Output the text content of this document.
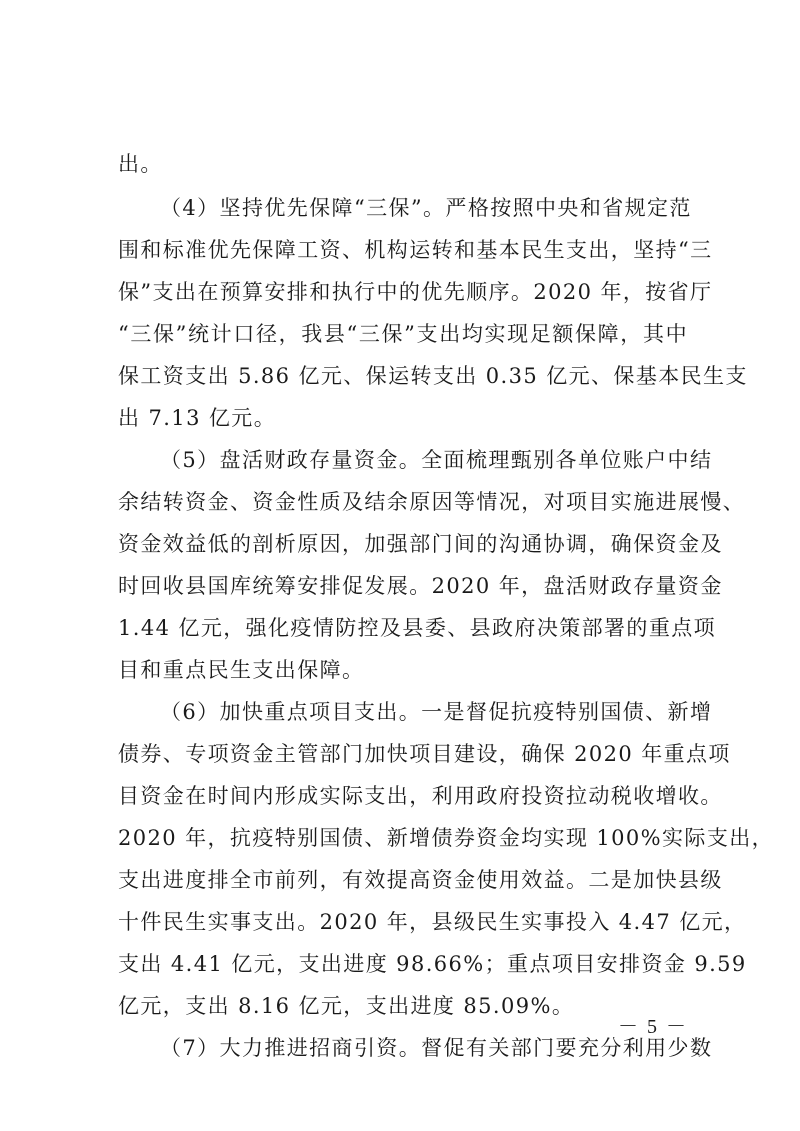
出。
（4）坚持优先保障“三保”。严格按照中央和省规定范
围和标准优先保障工资、机构运转和基本民生支出，坚持“三
保”支出在预算安排和执行中的优先顺序。2020 年，按省厅
“三保”统计口径，我县“三保”支出均实现足额保障，其中
保工资支出 5.86 亿元、保运转支出 0.35 亿元、保基本民生支
出 7.13 亿元。
（5）盘活财政存量资金。全面梳理甄别各单位账户中结
余结转资金、资金性质及结余原因等情况，对项目实施进展慢、
资金效益低的剖析原因，加强部门间的沟通协调，确保资金及
时回收县国库统筹安排促发展。2020 年，盘活财政存量资金
1.44 亿元，强化疫情防控及县委、县政府决策部署的重点项
目和重点民生支出保障。
（6）加快重点项目支出。一是督促抗疫特别国债、新增
债券、专项资金主管部门加快项目建设，确保 2020 年重点项
目资金在时间内形成实际支出，利用政府投资拉动税收增收。
2020 年，抗疫特别国债、新增债券资金均实现 100%实际支出，
支出进度排全市前列，有效提高资金使用效益。二是加快县级
十件民生实事支出。2020 年，县级民生实事投入 4.47 亿元，
支出 4.41 亿元，支出进度 98.66%；重点项目安排资金 9.59
亿元，支出 8.16 亿元，支出进度 85.09%。
（7）大力推进招商引资。督促有关部门要充分利用少数
－ 5 －
